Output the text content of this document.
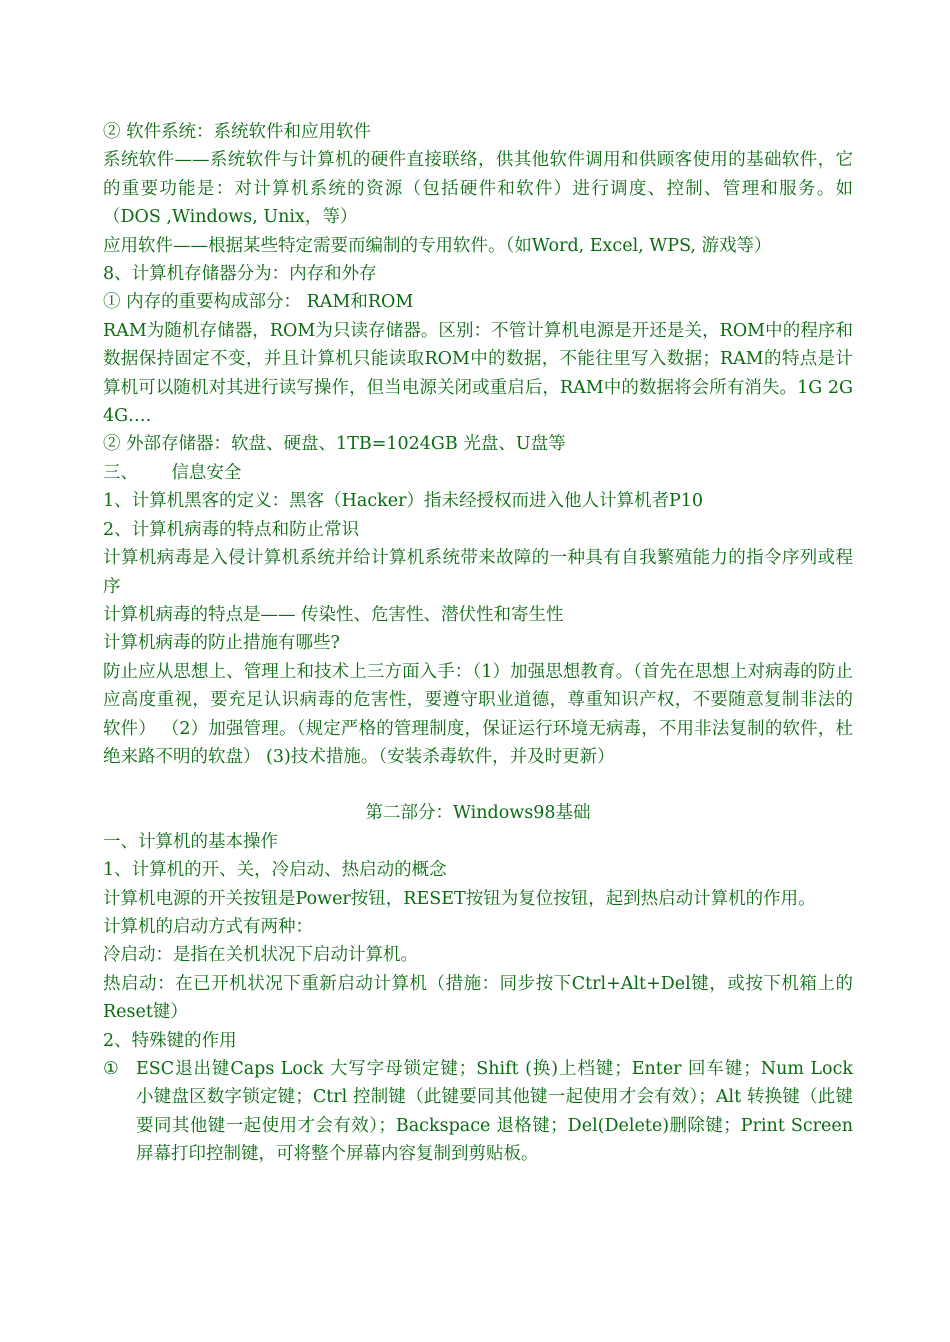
② 软件系统：系统软件和应用软件
系统软件——系统软件与计算机的硬件直接联络，供其他软件调用和供顾客使用的基础软件，它的重要功能是：对计算机系统的资源（包括硬件和软件）进行调度、控制、管理和服务。如（DOS ,Windows, Unix，等）
应用软件——根据某些特定需要而编制的专用软件。（如Word, Excel, WPS, 游戏等）
8、计算机存储器分为：内存和外存
① 内存的重要构成部分： RAM和ROM
RAM为随机存储器，ROM为只读存储器。区别：不管计算机电源是开还是关，ROM中的程序和数据保持固定不变，并且计算机只能读取ROM中的数据，不能往里写入数据；RAM的特点是计算机可以随机对其进行读写操作，但当电源关闭或重启后，RAM中的数据将会所有消失。1G 2G 4G….
② 外部存储器：软盘、硬盘、1TB=1024GB 光盘、U盘等
三、      信息安全
1、计算机黑客的定义：黑客（Hacker）指未经授权而进入他人计算机者P10
2、计算机病毒的特点和防止常识
计算机病毒是入侵计算机系统并给计算机系统带来故障的一种具有自我繁殖能力的指令序列或程序
计算机病毒的特点是—— 传染性、危害性、潜伏性和寄生性
计算机病毒的防止措施有哪些?
防止应从思想上、管理上和技术上三方面入手：（1）加强思想教育。（首先在思想上对病毒的防止应高度重视，要充足认识病毒的危害性，要遵守职业道德，尊重知识产权，不要随意复制非法的软件） （2）加强管理。（规定严格的管理制度，保证运行环境无病毒，不用非法复制的软件，杜绝来路不明的软盘） (3)技术措施。（安装杀毒软件，并及时更新）
第二部分：Windows98基础
一、计算机的基本操作
1、计算机的开、关，冷启动、热启动的概念
计算机电源的开关按钮是Power按钮，RESET按钮为复位按钮，起到热启动计算机的作用。
计算机的启动方式有两种：
冷启动：是指在关机状况下启动计算机。
热启动：在已开机状况下重新启动计算机（措施：同步按下Ctrl+Alt+Del键，或按下机箱上的Reset键）
2、特殊键的作用
① ESC退出键Caps Lock 大写字母锁定键；Shift (换)上档键；Enter 回车键；Num Lock 小键盘区数字锁定键；Ctrl 控制键（此键要同其他键一起使用才会有效）；Alt 转换键（此键要同其他键一起使用才会有效）；Backspace 退格键；Del(Delete)删除键；Print Screen 屏幕打印控制键，可将整个屏幕内容复制到剪贴板。
